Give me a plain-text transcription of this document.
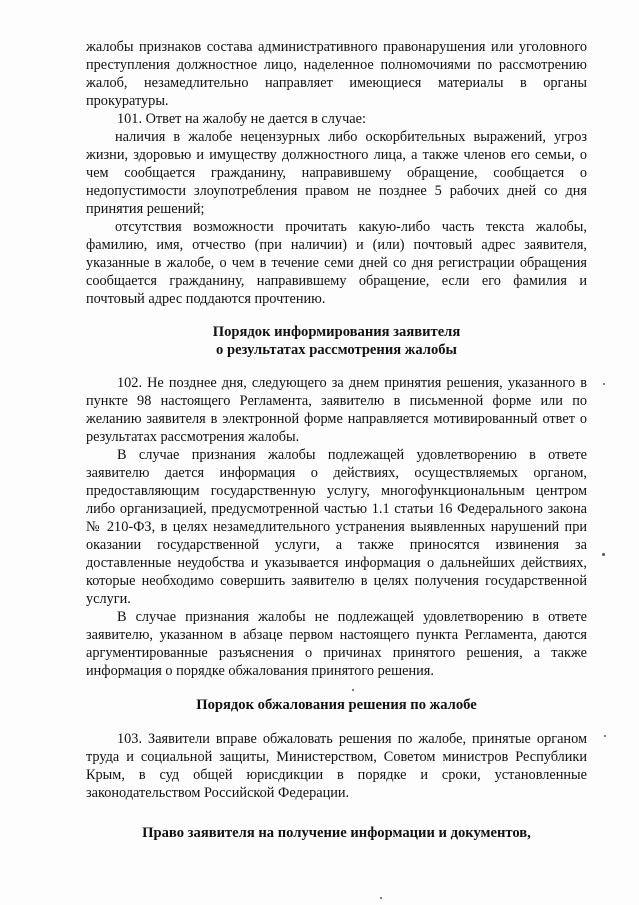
жалобы признаков состава административного правонарушения или уголовного преступления должностное лицо, наделенное полномочиями по рассмотрению жалоб, незамедлительно направляет имеющиеся материалы в органы прокуратуры.

101. Ответ на жалобу не дается в случае:

наличия в жалобе нецензурных либо оскорбительных выражений, угроз жизни, здоровью и имуществу должностного лица, а также членов его семьи, о чем сообщается гражданину, направившему обращение, сообщается о недопустимости злоупотребления правом не позднее 5 рабочих дней со дня принятия решений;

отсутствия возможности прочитать какую-либо часть текста жалобы, фамилию, имя, отчество (при наличии) и (или) почтовый адрес заявителя, указанные в жалобе, о чем в течение семи дней со дня регистрации обращения сообщается гражданину, направившему обращение, если его фамилия и почтовый адрес поддаются прочтению.

Порядок информирования заявителя
о результатах рассмотрения жалобы

102. Не позднее дня, следующего за днем принятия решения, указанного в пункте 98 настоящего Регламента, заявителю в письменной форме или по желанию заявителя в электронной форме направляется мотивированный ответ о результатах рассмотрения жалобы.

В случае признания жалобы подлежащей удовлетворению в ответе заявителю дается информация о действиях, осуществляемых органом, предоставляющим государственную услугу, многофункциональным центром либо организацией, предусмотренной частью 1.1 статьи 16 Федерального закона № 210-ФЗ, в целях незамедлительного устранения выявленных нарушений при оказании государственной услуги, а также приносятся извинения за доставленные неудобства и указывается информация о дальнейших действиях, которые необходимо совершить заявителю в целях получения государственной услуги.

В случае признания жалобы не подлежащей удовлетворению в ответе заявителю, указанном в абзаце первом настоящего пункта Регламента, даются аргументированные разъяснения о причинах принятого решения, а также информация о порядке обжалования принятого решения.

Порядок обжалования решения по жалобе

103. Заявители вправе обжаловать решения по жалобе, принятые органом труда и социальной защиты, Министерством, Советом министров Республики Крым, в суд общей юрисдикции в порядке и сроки, установленные законодательством Российской Федерации.

Право заявителя на получение информации и документов,
